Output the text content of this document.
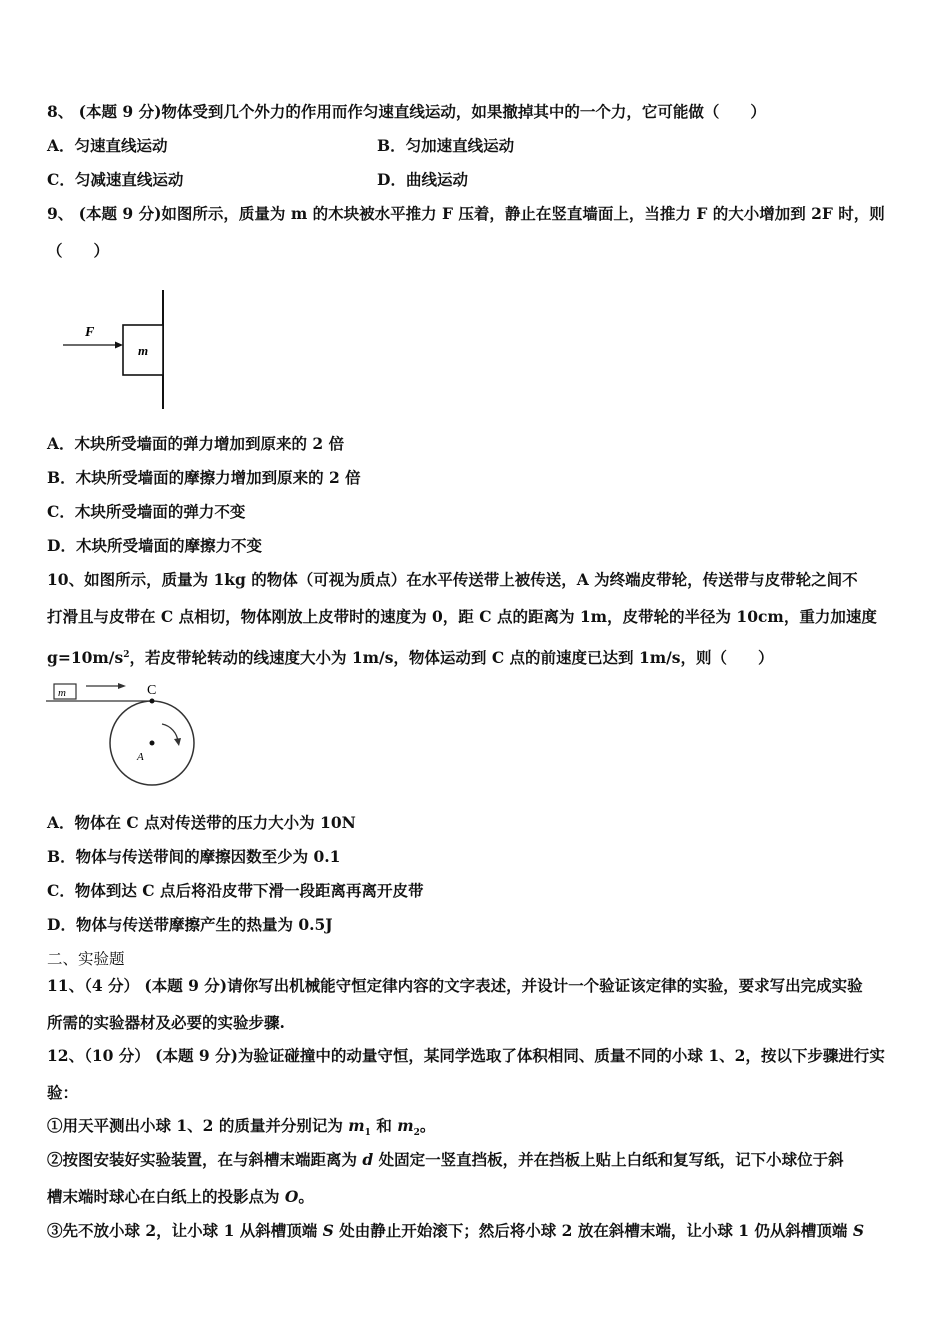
8、 (本题 9 分)物体受到几个外力的作用而作匀速直线运动，如果撤掉其中的一个力，它可能做（　　）
A．匀速直线运动	B．匀加速直线运动
C．匀减速直线运动	D．曲线运动
9、 (本题 9 分)如图所示，质量为 m 的木块被水平推力 F 压着，静止在竖直墙面上，当推力 F 的大小增加到 2F 时，则
（　　）
F
m
A．木块所受墙面的弹力增加到原来的 2 倍
B．木块所受墙面的摩擦力增加到原来的 2 倍
C．木块所受墙面的弹力不变
D．木块所受墙面的摩擦力不变
10、如图所示，质量为 1kg 的物体（可视为质点）在水平传送带上被传送，A 为终端皮带轮，传送带与皮带轮之间不
打滑且与皮带在 C 点相切，物体刚放上皮带时的速度为 0，距 C 点的距离为 1m，皮带轮的半径为 10cm，重力加速度
$g=10m/s^2$，若皮带轮转动的线速度大小为 1m/s，物体运动到 C 点的前速度已达到 1m/s，则（　　）
m	C
A
A．物体在 C 点对传送带的压力大小为 10N
B．物体与传送带间的摩擦因数至少为 0.1
C．物体到达 C 点后将沿皮带下滑一段距离再离开皮带
D．物体与传送带摩擦产生的热量为 0.5J
二、实验题
11、（4 分） (本题 9 分)请你写出机械能守恒定律内容的文字表述，并设计一个验证该定律的实验，要求写出完成实验
所需的实验器材及必要的实验步骤.
12、（10 分） (本题 9 分)为验证碰撞中的动量守恒，某同学选取了体积相同、质量不同的小球 1、2，按以下步骤进行实
验：
①用天平测出小球 1、2 的质量并分别记为 $m_1$ 和 $m_2$。
②按图安装好实验装置，在与斜槽末端距离为 d 处固定一竖直挡板，并在挡板上贴上白纸和复写纸，记下小球位于斜
槽末端时球心在白纸上的投影点为 O。
③先不放小球 2，让小球 1 从斜槽顶端 S 处由静止开始滚下；然后将小球 2 放在斜槽末端，让小球 1 仍从斜槽顶端 S
